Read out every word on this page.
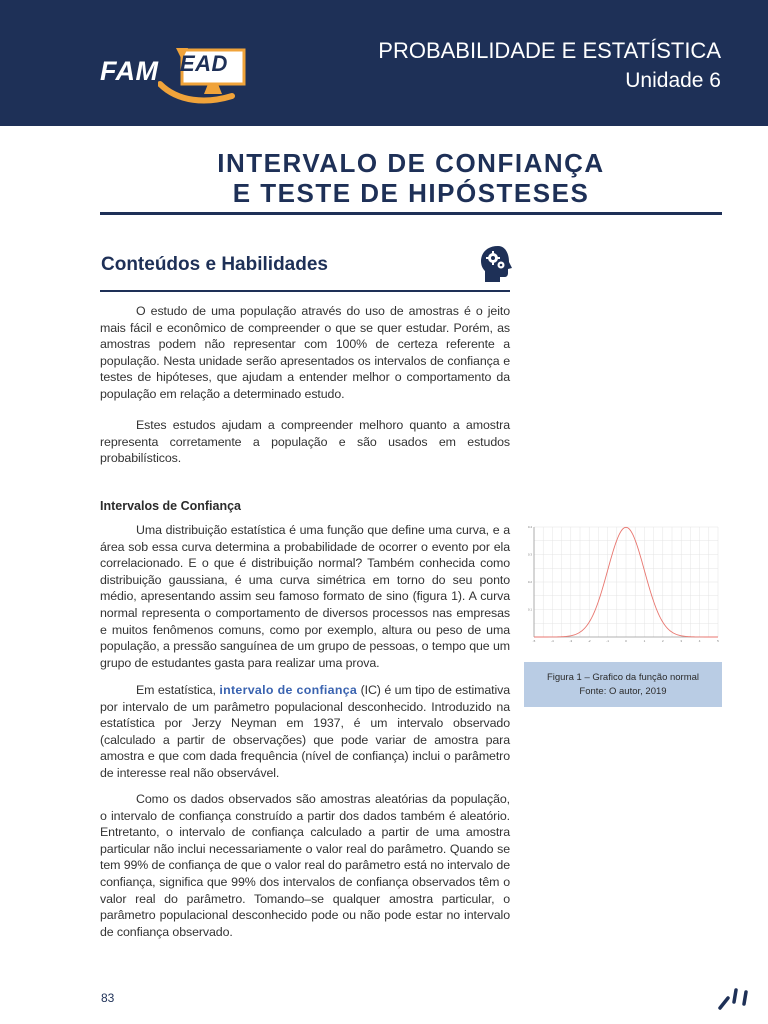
FAM EAD
PROBABILIDADE E ESTATÍSTICA
Unidade 6
INTERVALO DE CONFIANÇA
E TESTE DE HIPÓSTESES
Conteúdos e Habilidades

O estudo de uma população através do uso de amostras é o jeito mais fácil e econômico de compreender o que se quer estudar. Porém, as amostras podem não representar com 100% de certeza referente a população. Nesta unidade serão apresentados os intervalos de confiança e testes de hipóteses, que ajudam a entender melhor o comportamento da população em relação a determinado estudo.

Estes estudos ajudam a compreender melhoro quanto a amostra representa corretamente a população e são usados em estudos probabilísticos.

Intervalos de Confiança

Uma distribuição estatística é uma função que define uma curva, e a área sob essa curva determina a probabilidade de ocorrer o evento por ela correlacionado. E o que é distribuição normal? Também conhecida como distribuição gaussiana, é uma curva simétrica em torno do seu ponto médio, apresentando assim seu famoso formato de sino (figura 1). A curva normal representa o comportamento de diversos processos nas empresas e muitos fenômenos comuns, como por exemplo, altura ou peso de uma população, a pressão sanguínea de um grupo de pessoas, o tempo que um grupo de estudantes gasta para realizar uma prova.

Em estatística, intervalo de confiança (IC) é um tipo de estimativa por intervalo de um parâmetro populacional desconhecido. Introduzido na estatística por Jerzy Neyman em 1937, é um intervalo observado (calculado a partir de observações) que pode variar de amostra para amostra e que com dada frequência (nível de confiança) inclui o parâmetro de interesse real não observável.

Como os dados observados são amostras aleatórias da população, o intervalo de confiança construído a partir dos dados também é aleatório. Entretanto, o intervalo de confiança calculado a partir de uma amostra particular não inclui necessariamente o valor real do parâmetro. Quando se tem 99% de confiança de que o valor real do parâmetro está no intervalo de confiança, significa que 99% dos intervalos de confiança observados têm o valor real do parâmetro. Tomando–se qualquer amostra particular, o parâmetro populacional desconhecido pode ou não pode estar no intervalo de confiança observado.

-5	-4	-3	-2	-1	0	1	2	3	4	5
0.1
0.2
0.3
0.4
Figura 1 – Grafico da função normal
Fonte: O autor, 2019
83
